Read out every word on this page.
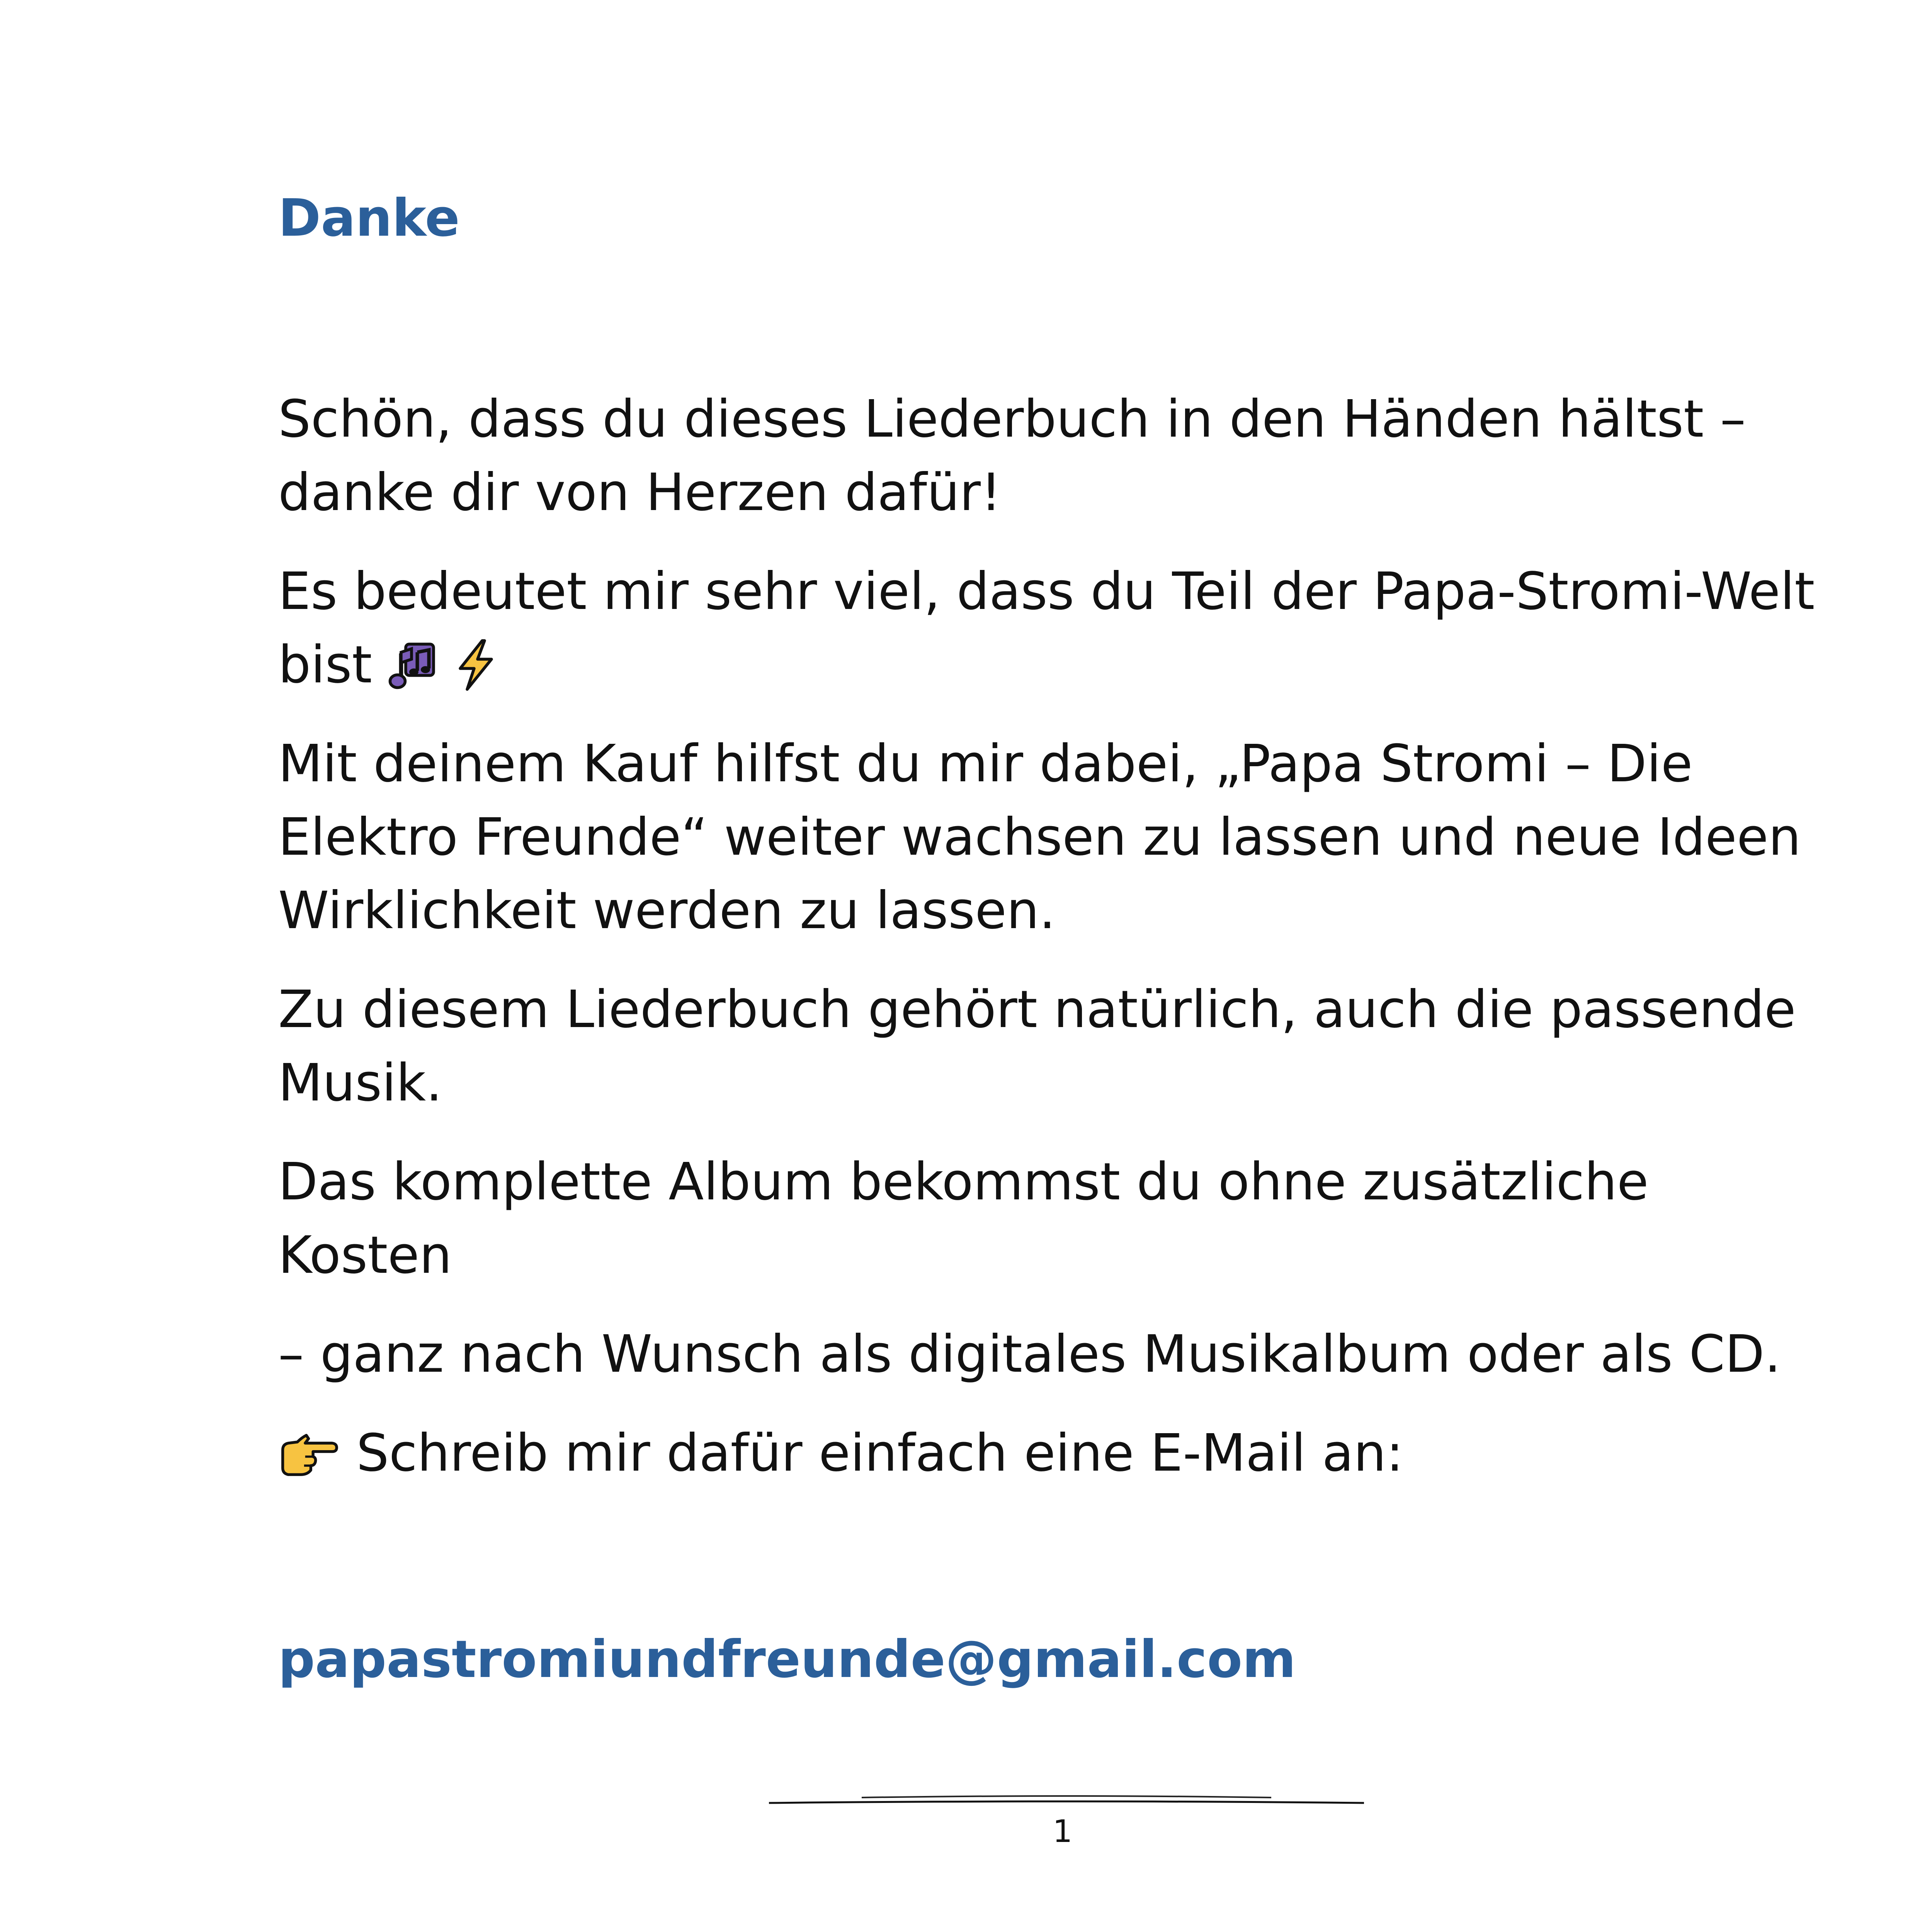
Danke

Schön, dass du dieses Liederbuch in den Händen hältst –
danke dir von Herzen dafür!

Es bedeutet mir sehr viel, dass du Teil der Papa-Stromi-Welt
bist

Mit deinem Kauf hilfst du mir dabei, „Papa Stromi – Die
Elektro Freunde“ weiter wachsen zu lassen und neue Ideen
Wirklichkeit werden zu lassen.

Zu diesem Liederbuch gehört natürlich, auch die passende
Musik.

Das komplette Album bekommst du ohne zusätzliche
Kosten

– ganz nach Wunsch als digitales Musikalbum oder als CD.

Schreib mir dafür einfach eine E-Mail an:

papastromiundfreunde@gmail.com

1
